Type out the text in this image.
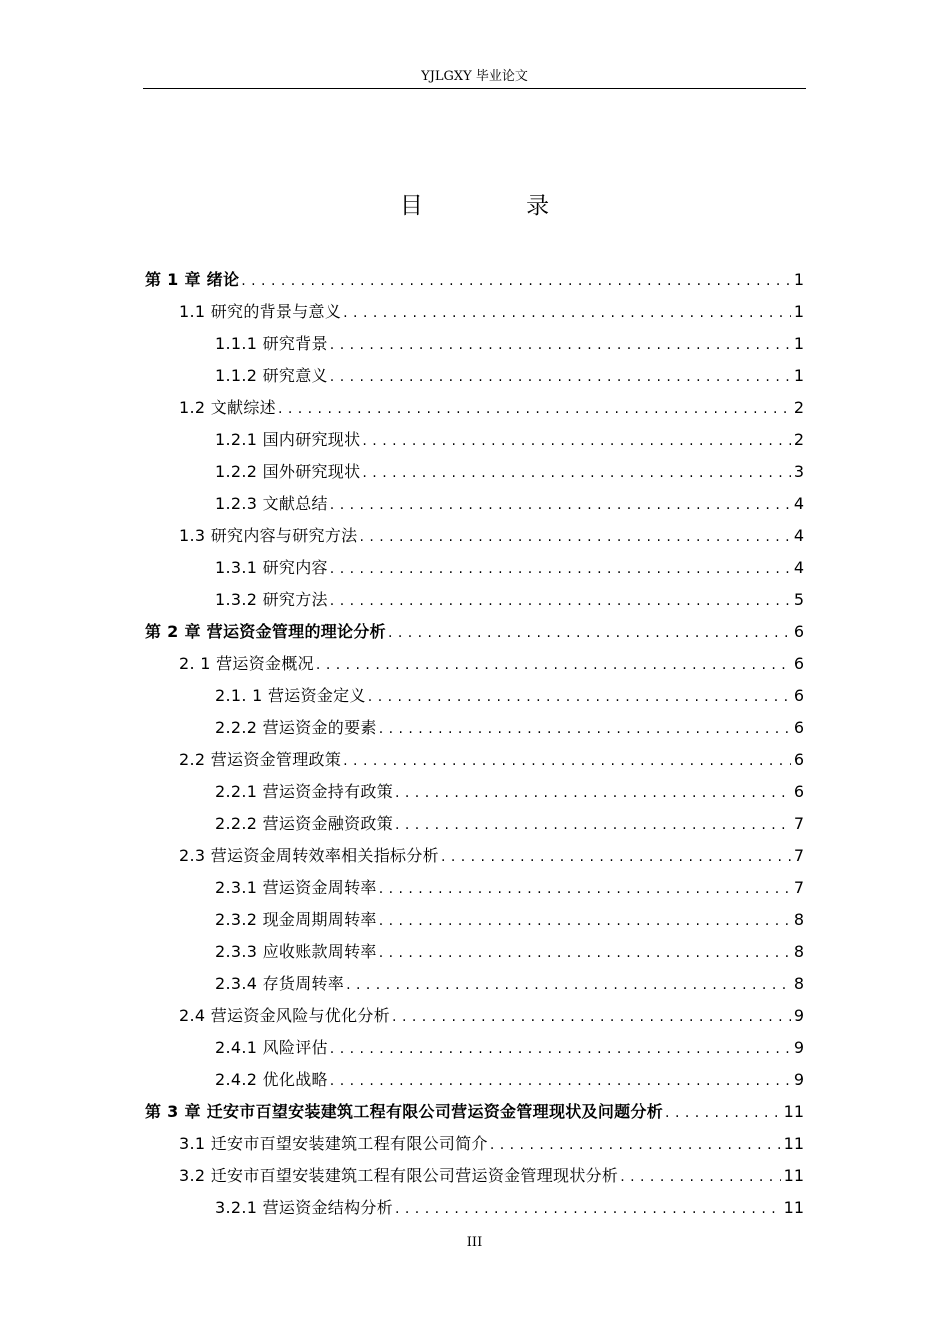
YJLGXY 毕业论文
目 录
第 1 章 绪论 . . .	1
1.1 研究的背景与意义 . . .	1
1.1.1 研究背景 . . .	1
1.1.2 研究意义 . . .	1
1.2 文献综述 . . .	2
1.2.1 国内研究现状 . . .	2
1.2.2 国外研究现状 . . .	3
1.2.3 文献总结 . . .	4
1.3 研究内容与研究方法 . . .	4
1.3.1 研究内容 . . .	4
1.3.2 研究方法 . . .	5
第 2 章 营运资金管理的理论分析 . . .	6
2. 1 营运资金概况 . . .	6
2.1. 1 营运资金定义 . . .	6
2.2.2 营运资金的要素 . . .	6
2.2 营运资金管理政策 . . .	6
2.2.1 营运资金持有政策 . . .	6
2.2.2 营运资金融资政策 . . .	7
2.3 营运资金周转效率相关指标分析 . . .	7
2.3.1 营运资金周转率 . . .	7
2.3.2 现金周期周转率 . . .	8
2.3.3 应收账款周转率 . . .	8
2.3.4 存货周转率 . . .	8
2.4 营运资金风险与优化分析 . . .	9
2.4.1 风险评估 . . .	9
2.4.2 优化战略 . . .	9
第 3 章 迁安市百望安装建筑工程有限公司营运资金管理现状及问题分析 . . .	11
3.1 迁安市百望安装建筑工程有限公司简介 . . .	11
3.2 迁安市百望安装建筑工程有限公司营运资金管理现状分析 . . .	11
3.2.1 营运资金结构分析 . . .	11
III
